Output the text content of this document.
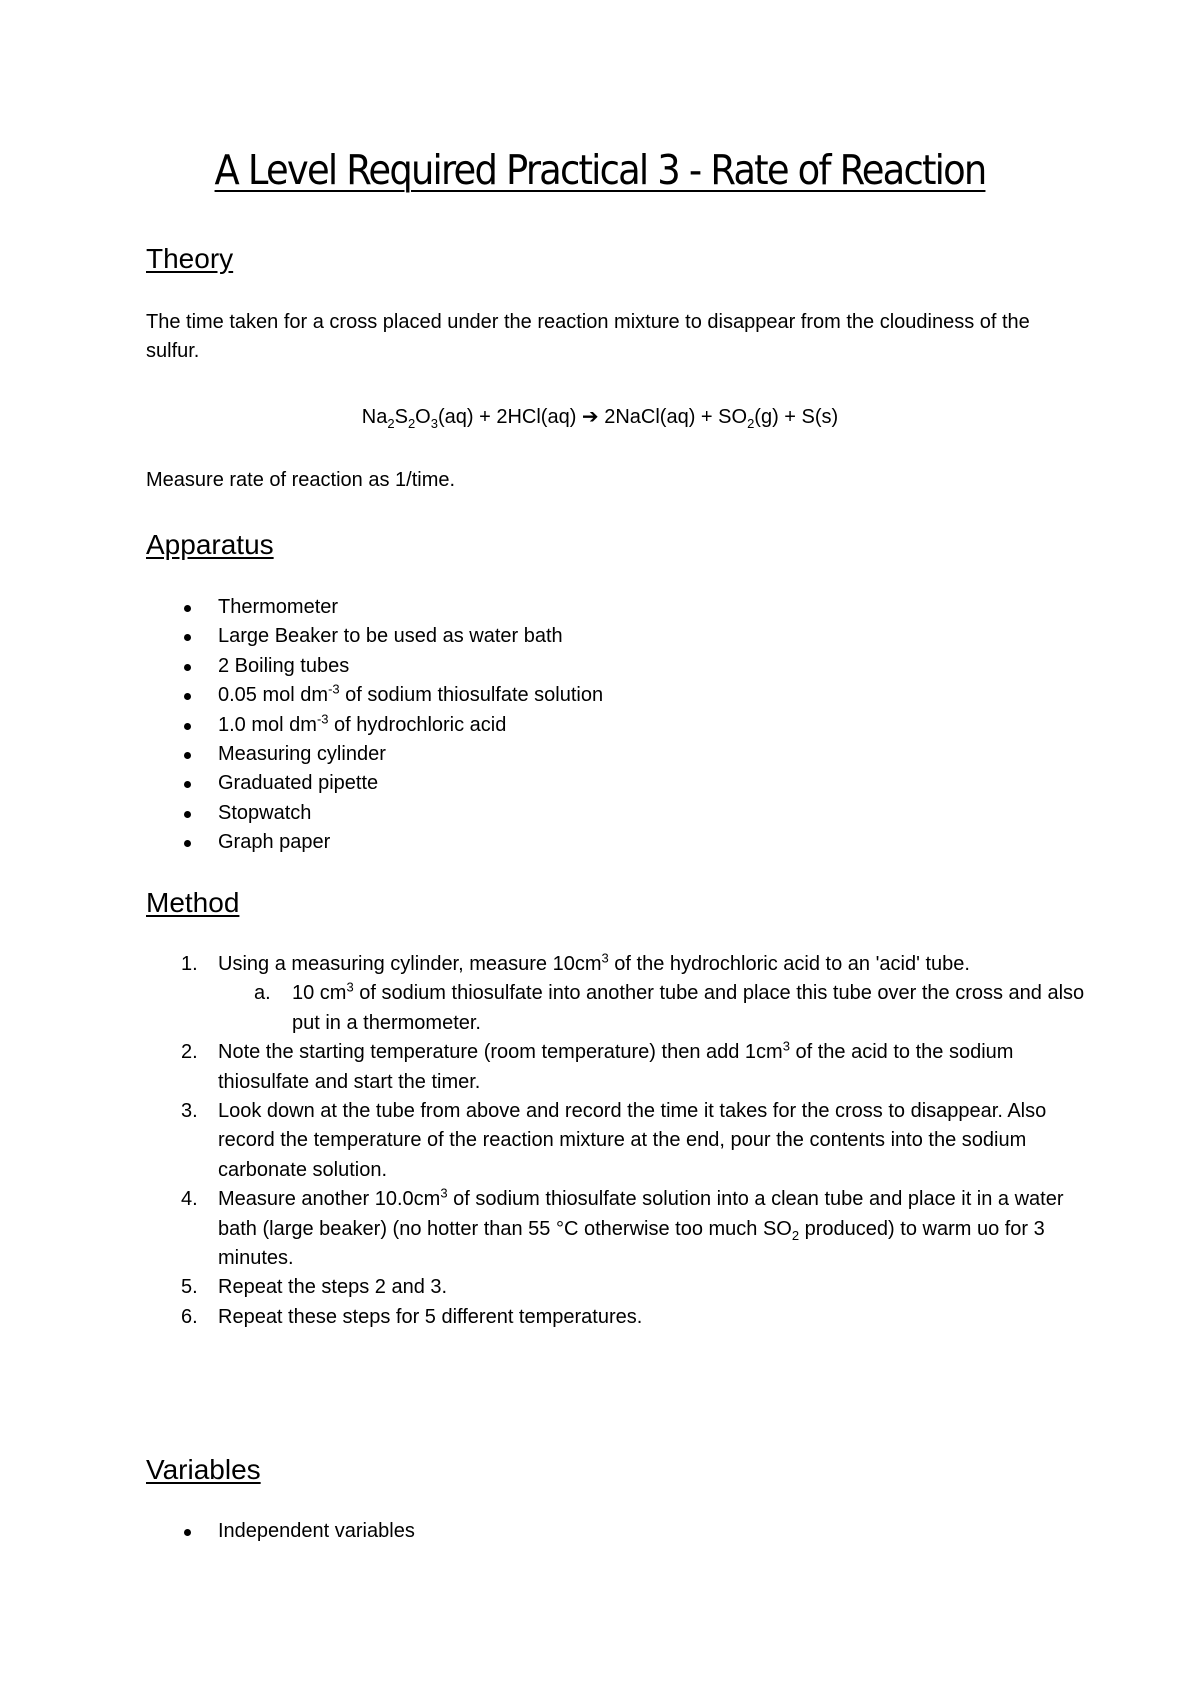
A Level Required Practical 3 - Rate of Reaction
Theory
The time taken for a cross placed under the reaction mixture to disappear from the cloudiness of the sulfur.
$Na_2S_2O_3(aq) + 2HCl(aq)$ ➔ 2NaCl(aq) + $SO_2(g) + S(s)$
Measure rate of reaction as 1/time.
Apparatus
Thermometer
Large Beaker to be used as water bath
2 Boiling tubes
0.05 mol $dm^{-3}$ of sodium thiosulfate solution
1.0 mol $dm^{-3}$ of hydrochloric acid
Measuring cylinder
Graduated pipette
Stopwatch
Graph paper
Method
1.	Using a measuring cylinder, measure $10cm^3$ of the hydrochloric acid to an 'acid' tube.
a.	10 $cm^3$ of sodium thiosulfate into another tube and place this tube over the cross and also put in a thermometer.
2.	Note the starting temperature (room temperature) then add $1cm^3$ of the acid to the sodium thiosulfate and start the timer.
3.	Look down at the tube from above and record the time it takes for the cross to disappear. Also record the temperature of the reaction mixture at the end, pour the contents into the sodium carbonate solution.
4.	Measure another $10.0cm^3$ of sodium thiosulfate solution into a clean tube and place it in a water bath (large beaker) (no hotter than 55 °C otherwise too much $SO_2$ produced) to warm uo for 3 minutes.
5.	Repeat the steps 2 and 3.
6.	Repeat these steps for 5 different temperatures.
Variables
Independent variables
